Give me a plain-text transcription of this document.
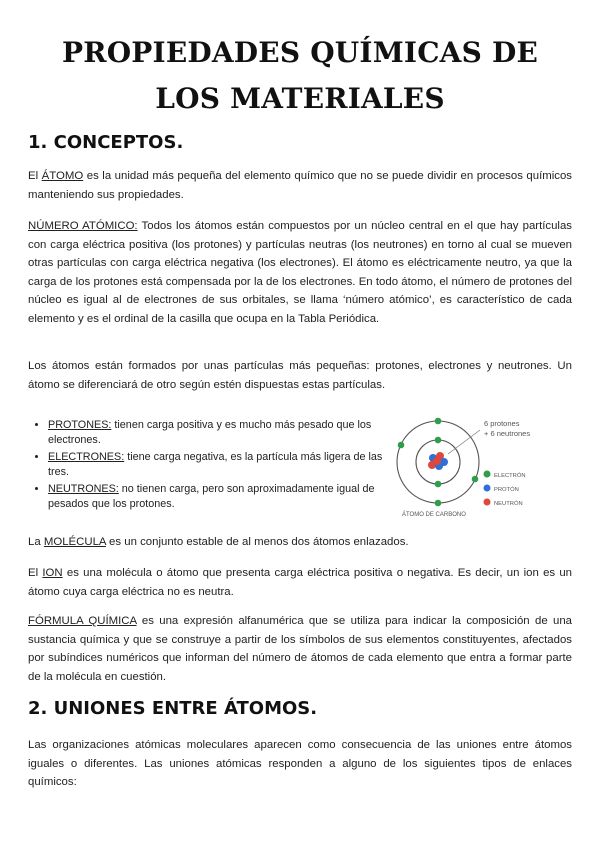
PROPIEDADES QUÍMICAS DE
LOS MATERIALES
1. CONCEPTOS.

El ÁTOMO es la unidad más pequeña del elemento químico que no se puede dividir en procesos químicos manteniendo sus propiedades.

NÚMERO ATÓMICO: Todos los átomos están compuestos por un núcleo central en el que hay partículas con carga eléctrica positiva (los protones) y partículas neutras (los neutrones) en torno al cual se mueven otras partículas con carga eléctrica negativa (los electrones). El átomo es eléctricamente neutro, ya que la carga de los protones está compensada por la de los electrones. En todo átomo, el número de protones del núcleo es igual al de electrones de sus orbitales, se llama ‘número atómico’, es característico de cada elemento y es el ordinal de la casilla que ocupa en la Tabla Periódica.

Los átomos están formados por unas partículas más pequeñas: protones, electrones y neutrones. Un átomo se diferenciará de otro según estén dispuestas estas partículas.

• PROTONES: tienen carga positiva y es mucho más pesado que los electrones.
• ELECTRONES: tiene carga negativa, es la partícula más ligera de las tres.
• NEUTRONES: no tienen carga, pero son aproximadamente igual de pesados que los protones.
6 protones
+ 6 neutrones
ELECTRÓN
PROTÓN
NEUTRÓN
ÁTOMO DE CARBONO

La MOLÉCULA es un conjunto estable de al menos dos átomos enlazados.

El ION es una molécula o átomo que presenta carga eléctrica positiva o negativa. Es decir, un ion es un átomo cuya carga eléctrica no es neutra.

FÓRMULA QUÍMICA es una expresión alfanumérica que se utiliza para indicar la composición de una sustancia química y que se construye a partir de los símbolos de sus elementos constituyentes, afectados por subíndices numéricos que informan del número de átomos de cada elemento que entra a formar parte de la molécula en cuestión.

2. UNIONES ENTRE ÁTOMOS.

Las organizaciones atómicas moleculares aparecen como consecuencia de las uniones entre átomos iguales o diferentes. Las uniones atómicas responden a alguno de los siguientes tipos de enlaces químicos:
